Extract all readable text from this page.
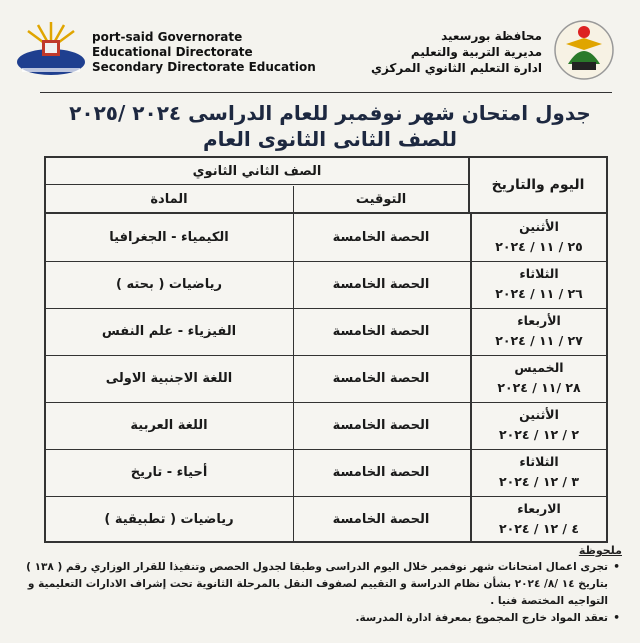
port-said Governorate
Educational Directorate
Secondary Directorate Education
محافظة بورسعيد
مديرية التربية والتعليم
ادارة التعليم الثانوي المركزي
جدول امتحان شهر نوفمبر للعام الدراسى ٢٠٢٤ /٢٠٢٥
للصف الثانى الثانوى العام
اليوم والتاريخ
الصف الثاني الثانوي
التوقيت
المادة
الأثنين
٢٥ / ١١ / ٢٠٢٤
الحصة الخامسة
الكيمياء - الجغرافيا
الثلاثاء
٢٦ / ١١ / ٢٠٢٤
الحصة الخامسة
رياضيات ( بحته )
الأربعاء
٢٧ / ١١ / ٢٠٢٤
الحصة الخامسة
الفيزياء - علم النفس
الخميس
٢٨ /١١ / ٢٠٢٤
الحصة الخامسة
اللغة الاجنبية الاولى
الأثنين
٢ / ١٢ / ٢٠٢٤
الحصة الخامسة
اللغة العربية
الثلاثاء
٣ / ١٢ / ٢٠٢٤
الحصة الخامسة
أحياء - تاريخ
الاربعاء
٤ / ١٢ / ٢٠٢٤
الحصة الخامسة
رياضيات ( تطبيقية )
ملحوظة
• تجرى اعمال امتحانات شهر نوفمبر خلال اليوم الدراسى وطبقا لجدول الحصص وتنفيذا للقرار الوزاري رقم ( ١٣٨ ) بتاريخ ١٤ /٨/ ٢٠٢٤ بشأن نظام الدراسة و التقييم لصفوف النقل بالمرحلة الثانوية تحت إشراف الادارات التعليمية و التواجيه المختصة فنيا .
• تعقد المواد خارج المجموع بمعرفة ادارة المدرسة.
